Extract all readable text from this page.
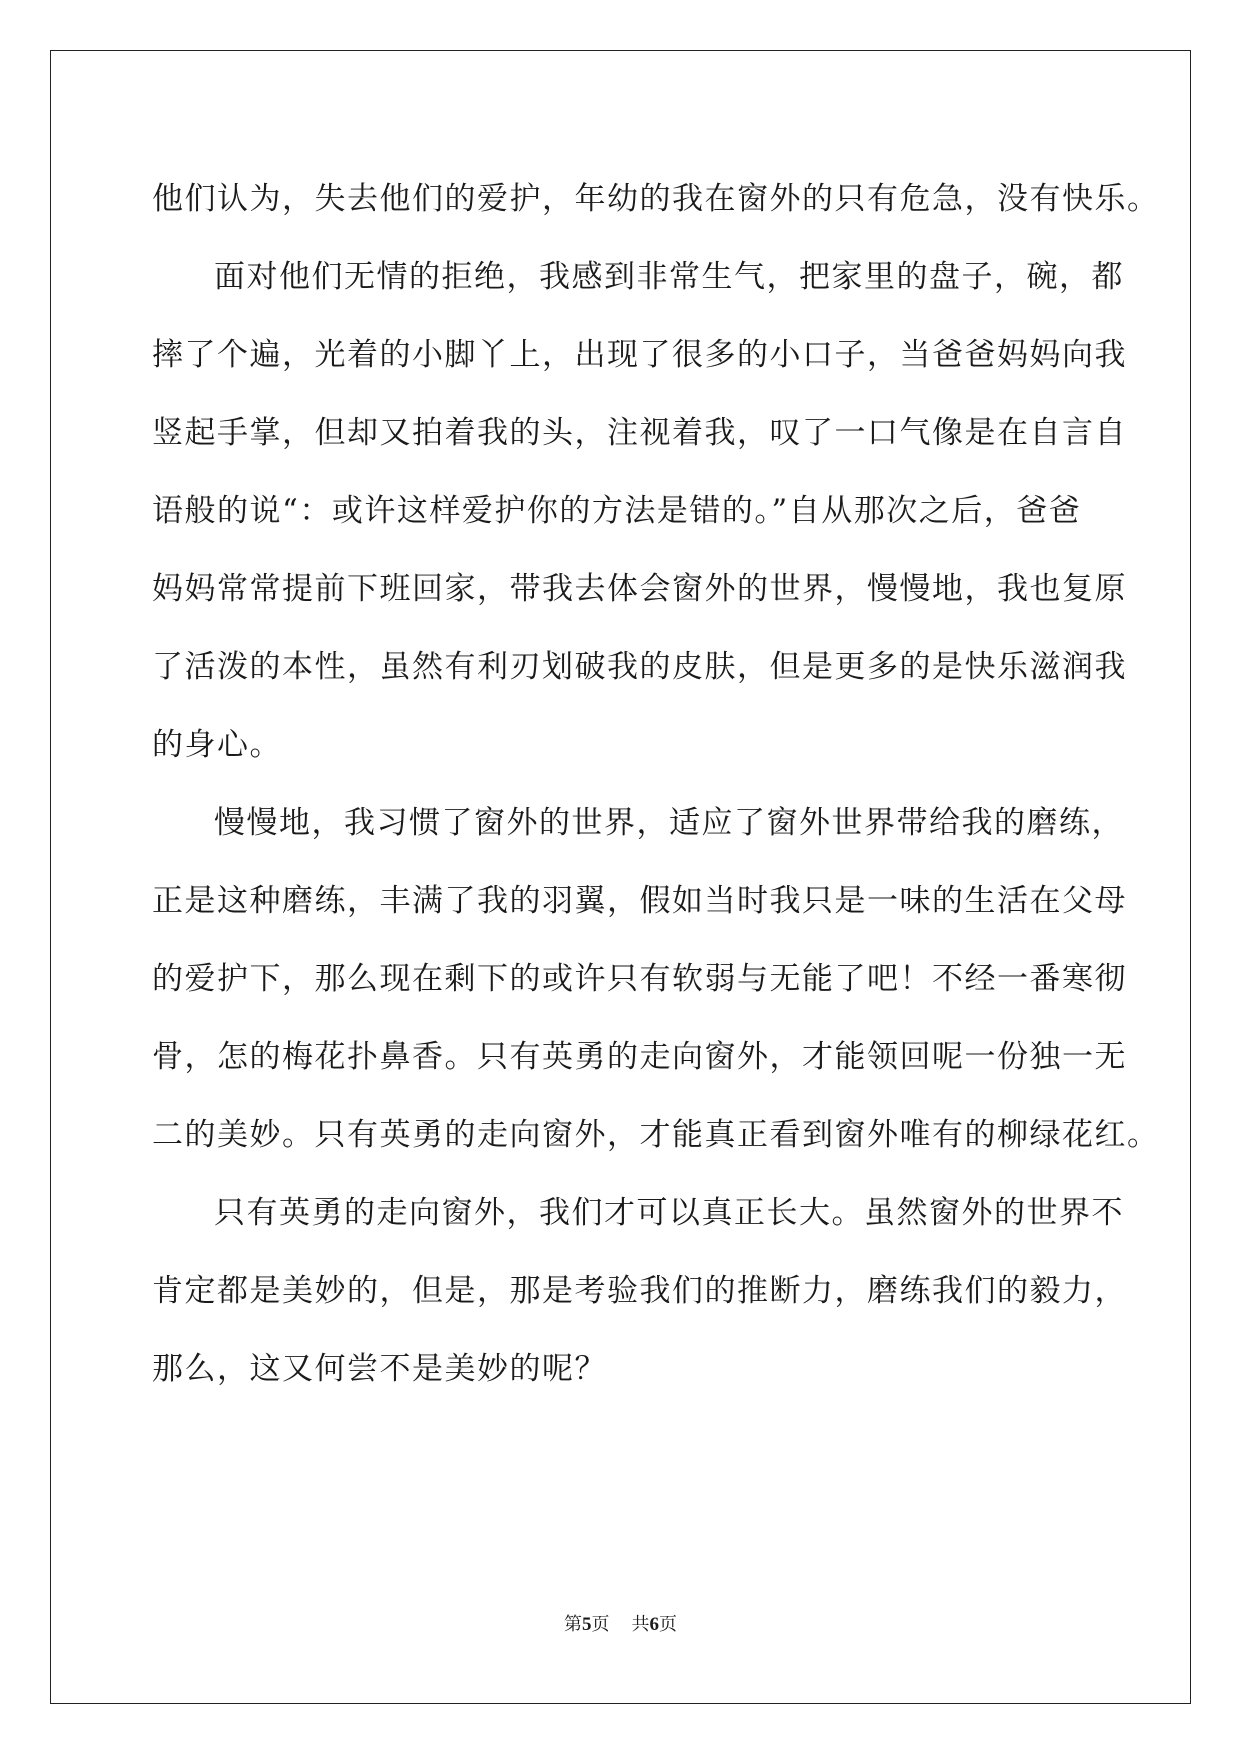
他们认为，失去他们的爱护，年幼的我在窗外的只有危急，没有快乐。

面对他们无情的拒绝，我感到非常生气，把家里的盘子，碗，都

摔了个遍，光着的小脚丫上，出现了很多的小口子，当爸爸妈妈向我

竖起手掌，但却又拍着我的头，注视着我，叹了一口气像是在自言自

语般的说“：或许这样爱护你的方法是错的。”自从那次之后，爸爸

妈妈常常提前下班回家，带我去体会窗外的世界，慢慢地，我也复原

了活泼的本性，虽然有利刃划破我的皮肤，但是更多的是快乐滋润我

的身心。

慢慢地，我习惯了窗外的世界，适应了窗外世界带给我的磨练，

正是这种磨练，丰满了我的羽翼，假如当时我只是一味的生活在父母

的爱护下，那么现在剩下的或许只有软弱与无能了吧！不经一番寒彻

骨，怎的梅花扑鼻香。只有英勇的走向窗外，才能领回呢一份独一无

二的美妙。只有英勇的走向窗外，才能真正看到窗外唯有的柳绿花红。

只有英勇的走向窗外，我们才可以真正长大。虽然窗外的世界不

肯定都是美妙的，但是，那是考验我们的推断力，磨练我们的毅力，

那么，这又何尝不是美妙的呢？

第5页 共6页
